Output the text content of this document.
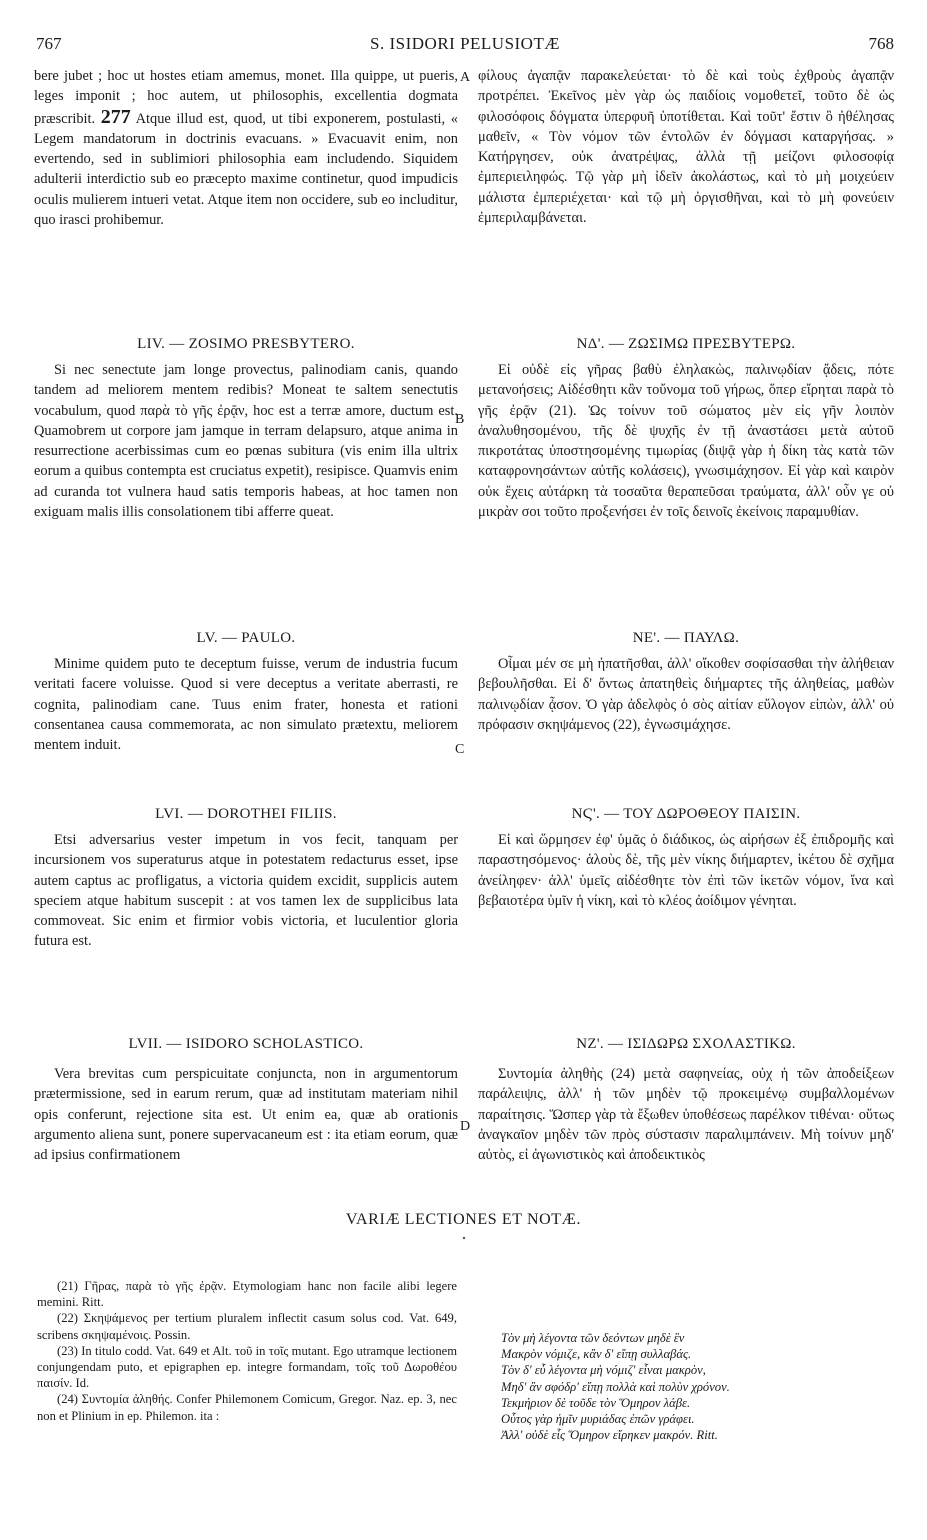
767	S. ISIDORI PELUSIOTÆ	768
A
B
C
D

bere jubet ; hoc ut hostes etiam amemus, monet. Illa quippe, ut pueris, leges imponit ; hoc autem, ut philosophis, excellentia dogmata præscribit. 277 Atque illud est, quod, ut tibi exponerem, postulasti, « Legem mandatorum in doctrinis evacuans. » Evacuavit enim, non evertendo, sed in sublimiori philosophia eam includendo. Siquidem adulterii interdictio sub eo præcepto maxime continetur, quod impudicis oculis mulierem intueri vetat. Atque item non occidere, sub eo includitur, quo irasci prohibemur.

LIV. — ZOSIMO PRESBYTERO.

Si nec senectute jam longe provectus, palinodiam canis, quando tandem ad meliorem mentem redibis? Moneat te saltem senectutis vocabulum, quod παρὰ τὸ γῆς ἐρᾷν, hoc est a terræ amore, ductum est. Quamobrem ut corpore jam jamque in terram delapsuro, atque anima in resurrectione acerbissimas cum eo pœnas subitura (vis enim illa ultrix eorum a quibus contempta est cruciatus expetit), resipisce. Quamvis enim ad curanda tot vulnera haud satis temporis habeas, at hoc tamen non exiguam malis illis consolationem tibi afferre queat.

LV. — PAULO.

Minime quidem puto te deceptum fuisse, verum de industria fucum veritati facere voluisse. Quod si vere deceptus a veritate aberrasti, re cognita, palinodiam cane. Tuus enim frater, honesta et rationi consentanea causa commemorata, ac non simulato prætextu, meliorem mentem induit.

LVI. — DOROTHEI FILIIS.

Etsi adversarius vester impetum in vos fecit, tanquam per incursionem vos superaturus atque in potestatem redacturus esset, ipse autem captus ac profligatus, a victoria quidem excidit, supplicis autem speciem atque habitum suscepit : at vos tamen lex de supplicibus lata commoveat. Sic enim et firmior vobis victoria, et luculentior gloria futura est.

LVII. — ISIDORO SCHOLASTICO.

Vera brevitas cum perspicuitate conjuncta, non in argumentorum prætermissione, sed in earum rerum, quæ ad institutam materiam nihil opis conferunt, rejectione sita est. Ut enim ea, quæ ab orationis argumento aliena sunt, ponere supervacaneum est : ita etiam eorum, quæ ad ipsius confirmationem

φίλους ἀγαπᾷν παρακελεύεται· τὸ δὲ καὶ τοὺς ἐχθροὺς ἀγαπᾷν προτρέπει. Ἐκεῖνος μὲν γὰρ ὡς παιδίοις νομοθετεῖ, τοῦτο δὲ ὡς φιλοσόφοις δόγματα ὑπερφυῆ ὑποτίθεται. Καὶ τοῦτ' ἔστιν ὃ ἠθέλησας μαθεῖν, « Τὸν νόμον τῶν ἐντολῶν ἐν δόγμασι καταργήσας. » Κατήργησεν, οὐκ ἀνατρέψας, ἀλλὰ τῇ μείζονι φιλοσοφίᾳ ἐμπεριειληφώς. Τῷ γὰρ μὴ ἰδεῖν ἀκολάστως, καὶ τὸ μὴ μοιχεύειν μάλιστα ἐμπεριέχεται· καὶ τῷ μὴ ὀργισθῆναι, καὶ τὸ μὴ φονεύειν ἐμπεριλαμβάνεται.

ΝΔ'. — ΖΩΣΙΜΩ ΠΡΕΣΒΥΤΕΡΩ.

Εἰ οὐδὲ εἰς γῆρας βαθὺ ἐληλακὼς, παλινῳδίαν ᾄδεις, πότε μετανοήσεις; Αἰδέσθητι κἂν τοὔνομα τοῦ γήρως, ὅπερ εἴρηται παρὰ τὸ γῆς ἐρᾷν (21). Ὡς τοίνυν τοῦ σώματος μὲν εἰς γῆν λοιπὸν ἀναλυθησομένου, τῆς δὲ ψυχῆς ἐν τῇ ἀναστάσει μετὰ αὐτοῦ πικροτάτας ὑποστησομένης τιμωρίας (διψᾷ γὰρ ἡ δίκη τὰς κατὰ τῶν καταφρονησάντων αὐτῆς κολάσεις), γνωσιμάχησον. Εἰ γὰρ καὶ καιρὸν οὐκ ἔχεις αὐτάρκη τὰ τοσαῦτα θεραπεῦσαι τραύματα, ἀλλ' οὖν γε οὐ μικρὰν σοι τοῦτο προξενήσει ἐν τοῖς δεινοῖς ἐκείνοις παραμυθίαν.

ΝΕ'. — ΠΑΥΛΩ.

Οἶμαι μέν σε μὴ ἠπατῆσθαι, ἀλλ' οἴκοθεν σοφίσασθαι τὴν ἀλήθειαν βεβουλῆσθαι. Εἰ δ' ὄντως ἀπατηθεὶς διήμαρτες τῆς ἀληθείας, μαθὼν παλινῳδίαν ᾆσον. Ὁ γὰρ ἀδελφὸς ὁ σὸς αἰτίαν εὔλογον εἰπὼν, ἀλλ' οὐ πρόφασιν σκηψάμενος (22), ἐγνωσιμάχησε.

ΝϚ'. — ΤΟΥ ΔΩΡΟΘΕΟΥ ΠΑΙΣΙΝ.

Εἰ καὶ ὥρμησεν ἐφ' ὑμᾶς ὁ διάδικος, ὡς αἱρήσων ἐξ ἐπιδρομῆς καὶ παραστησόμενος· ἁλοὺς δὲ, τῆς μὲν νίκης διήμαρτεν, ἱκέτου δὲ σχῆμα ἀνείληφεν· ἀλλ' ὑμεῖς αἰδέσθητε τὸν ἐπὶ τῶν ἱκετῶν νόμον, ἵνα καὶ βεβαιοτέρα ὑμῖν ἡ νίκη, καὶ τὸ κλέος ἀοίδιμον γένηται.

ΝΖ'. — ΙΣΙΔΩΡΩ ΣΧΟΛΑΣΤΙΚΩ.

Συντομία ἀληθὴς (24) μετὰ σαφηνείας, οὐχ ἡ τῶν ἀποδείξεων παράλειψις, ἀλλ' ἡ τῶν μηδὲν τῷ προκειμένῳ συμβαλλομένων παραίτησις. Ὥσπερ γὰρ τὰ ἔξωθεν ὑποθέσεως παρέλκον τιθέναι· οὕτως ἀναγκαῖον μηδὲν τῶν πρὸς σύστασιν παραλιμπάνειν. Μὴ τοίνυν μηδ' αὐτὸς, εἰ ἀγωνιστικὸς καὶ ἀποδεικτικὸς

VARIÆ LECTIONES ET NOTÆ.

(21) Γῆρας, παρὰ τὸ γῆς ἐρᾷν. Etymologiam hanc non facile alibi legere memini. Ritt.

(22) Σκηψάμενος per tertium pluralem inflectit casum solus cod. Vat. 649, scribens σκηψαμένοις. Possin.

(23) In titulo codd. Vat. 649 et Alt. τοῦ in τοῖς mutant. Ego utramque lectionem conjungendam puto, et epigraphen ep. integre formandam, τοῖς τοῦ Δωροθέου παισίν. Id.

(24) Συντομία ἀληθής. Confer Philemonem Comicum, Gregor. Naz. ep. 3, nec non et Plinium in ep. Philemon. ita :

Τὸν μὴ λέγοντα τῶν δεόντων μηδὲ ἓν
Μακρὸν νόμιζε, κἂν δ' εἴπῃ συλλαβάς.
Τὸν δ' εὖ λέγοντα μὴ νόμιζ' εἶναι μακρὸν,
Μηδ' ἂν σφόδρ' εἴπῃ πολλὰ καὶ πολὺν χρόνον.
Τεκμήριον δὲ τοῦδε τὸν Ὅμηρον λάβε.
Οὗτος γὰρ ἡμῖν μυριάδας ἐπῶν γράφει.
Ἀλλ' οὐδὲ εἷς Ὅμηρον εἴρηκεν μακρόν. Ritt.
